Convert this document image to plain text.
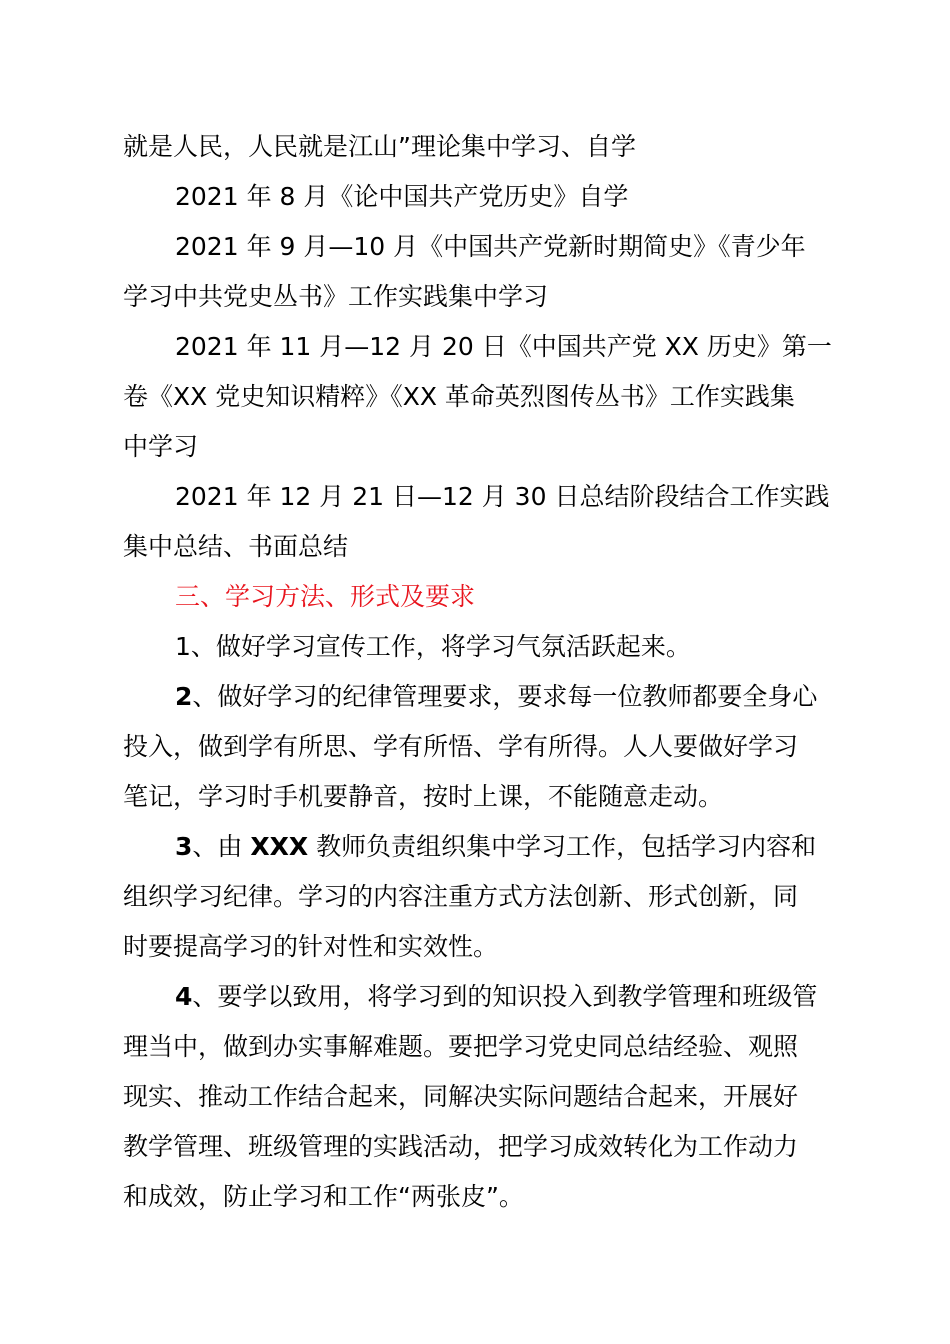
就是人民，人民就是江山”理论集中学习、自学
2021 年 8 月《论中国共产党历史》自学
2021 年 9 月—10 月《中国共产党新时期简史》《青少年
学习中共党史丛书》工作实践集中学习
2021 年 11 月—12 月 20 日《中国共产党 XX 历史》第一
卷《XX 党史知识精粹》《XX 革命英烈图传丛书》工作实践集
中学习
2021 年 12 月 21 日—12 月 30 日总结阶段结合工作实践
集中总结、书面总结
三、学习方法、形式及要求
1、做好学习宣传工作，将学习气氛活跃起来。
2、做好学习的纪律管理要求，要求每一位教师都要全身心
投入，做到学有所思、学有所悟、学有所得。人人要做好学习
笔记，学习时手机要静音，按时上课，不能随意走动。
3、由 XXX 教师负责组织集中学习工作，包括学习内容和
组织学习纪律。学习的内容注重方式方法创新、形式创新，同
时要提高学习的针对性和实效性。
4、要学以致用，将学习到的知识投入到教学管理和班级管
理当中，做到办实事解难题。要把学习党史同总结经验、观照
现实、推动工作结合起来，同解决实际问题结合起来，开展好
教学管理、班级管理的实践活动，把学习成效转化为工作动力
和成效，防止学习和工作“两张皮”。
